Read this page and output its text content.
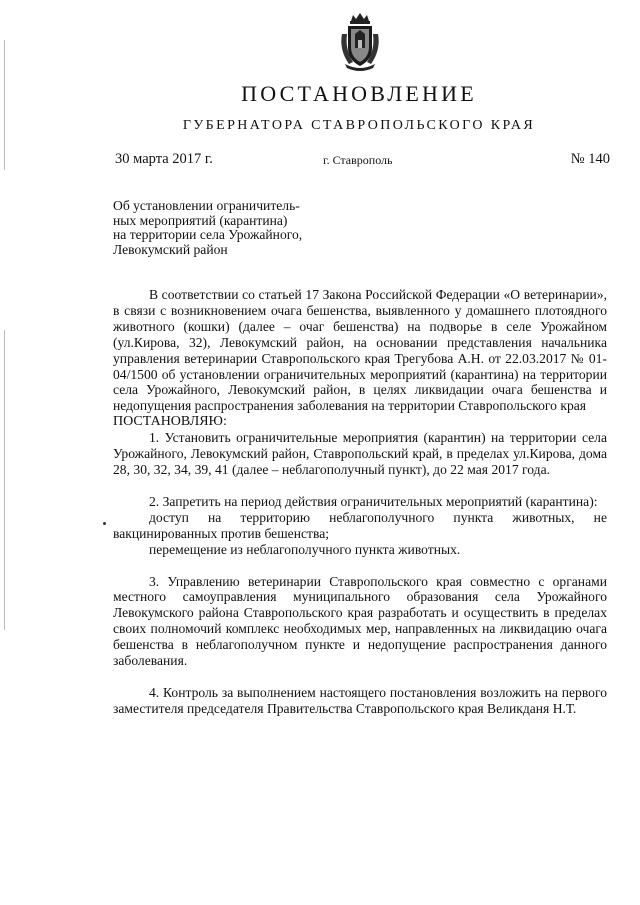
ПОСТАНОВЛЕНИЕ
ГУБЕРНАТОРА СТАВРОПОЛЬСКОГО КРАЯ
30 марта 2017 г.	г. Ставрополь	№ 140
Об установлении ограничитель-
ных мероприятий (карантина)
на территории села Урожайного,
Левокумский район

В соответствии со статьей 17 Закона Российской Федерации «О ветеринарии», в связи с возникновением очага бешенства, выявленного у домашнего плотоядного животного (кошки) (далее – очаг бешенства) на подворье в селе Урожайном (ул.Кирова, 32), Левокумский район, на основании представления начальника управления ветеринарии Ставропольского края Трегубова А.Н. от 22.03.2017 № 01-04/1500 об установлении ограничительных мероприятий (карантина) на территории села Урожайного, Левокумский район, в целях ликвидации очага бешенства и недопущения распространения заболевания на территории Ставропольского края

ПОСТАНОВЛЯЮ:

1. Установить ограничительные мероприятия (карантин) на территории села Урожайного, Левокумский район, Ставропольский край, в пределах ул.Кирова, дома 28, 30, 32, 34, 39, 41 (далее – неблагополучный пункт), до 22 мая 2017 года.

2. Запретить на период действия ограничительных мероприятий (карантина):

доступ на территорию неблагополучного пункта животных, не вакцинированных против бешенства;

перемещение из неблагополучного пункта животных.

3. Управлению ветеринарии Ставропольского края совместно с органами местного самоуправления муниципального образования села Урожайного Левокумского района Ставропольского края разработать и осуществить в пределах своих полномочий комплекс необходимых мер, направленных на ликвидацию очага бешенства в неблагополучном пункте и недопущение распространения данного заболевания.

4. Контроль за выполнением настоящего постановления возложить на первого заместителя председателя Правительства Ставропольского края Великданя Н.Т.
